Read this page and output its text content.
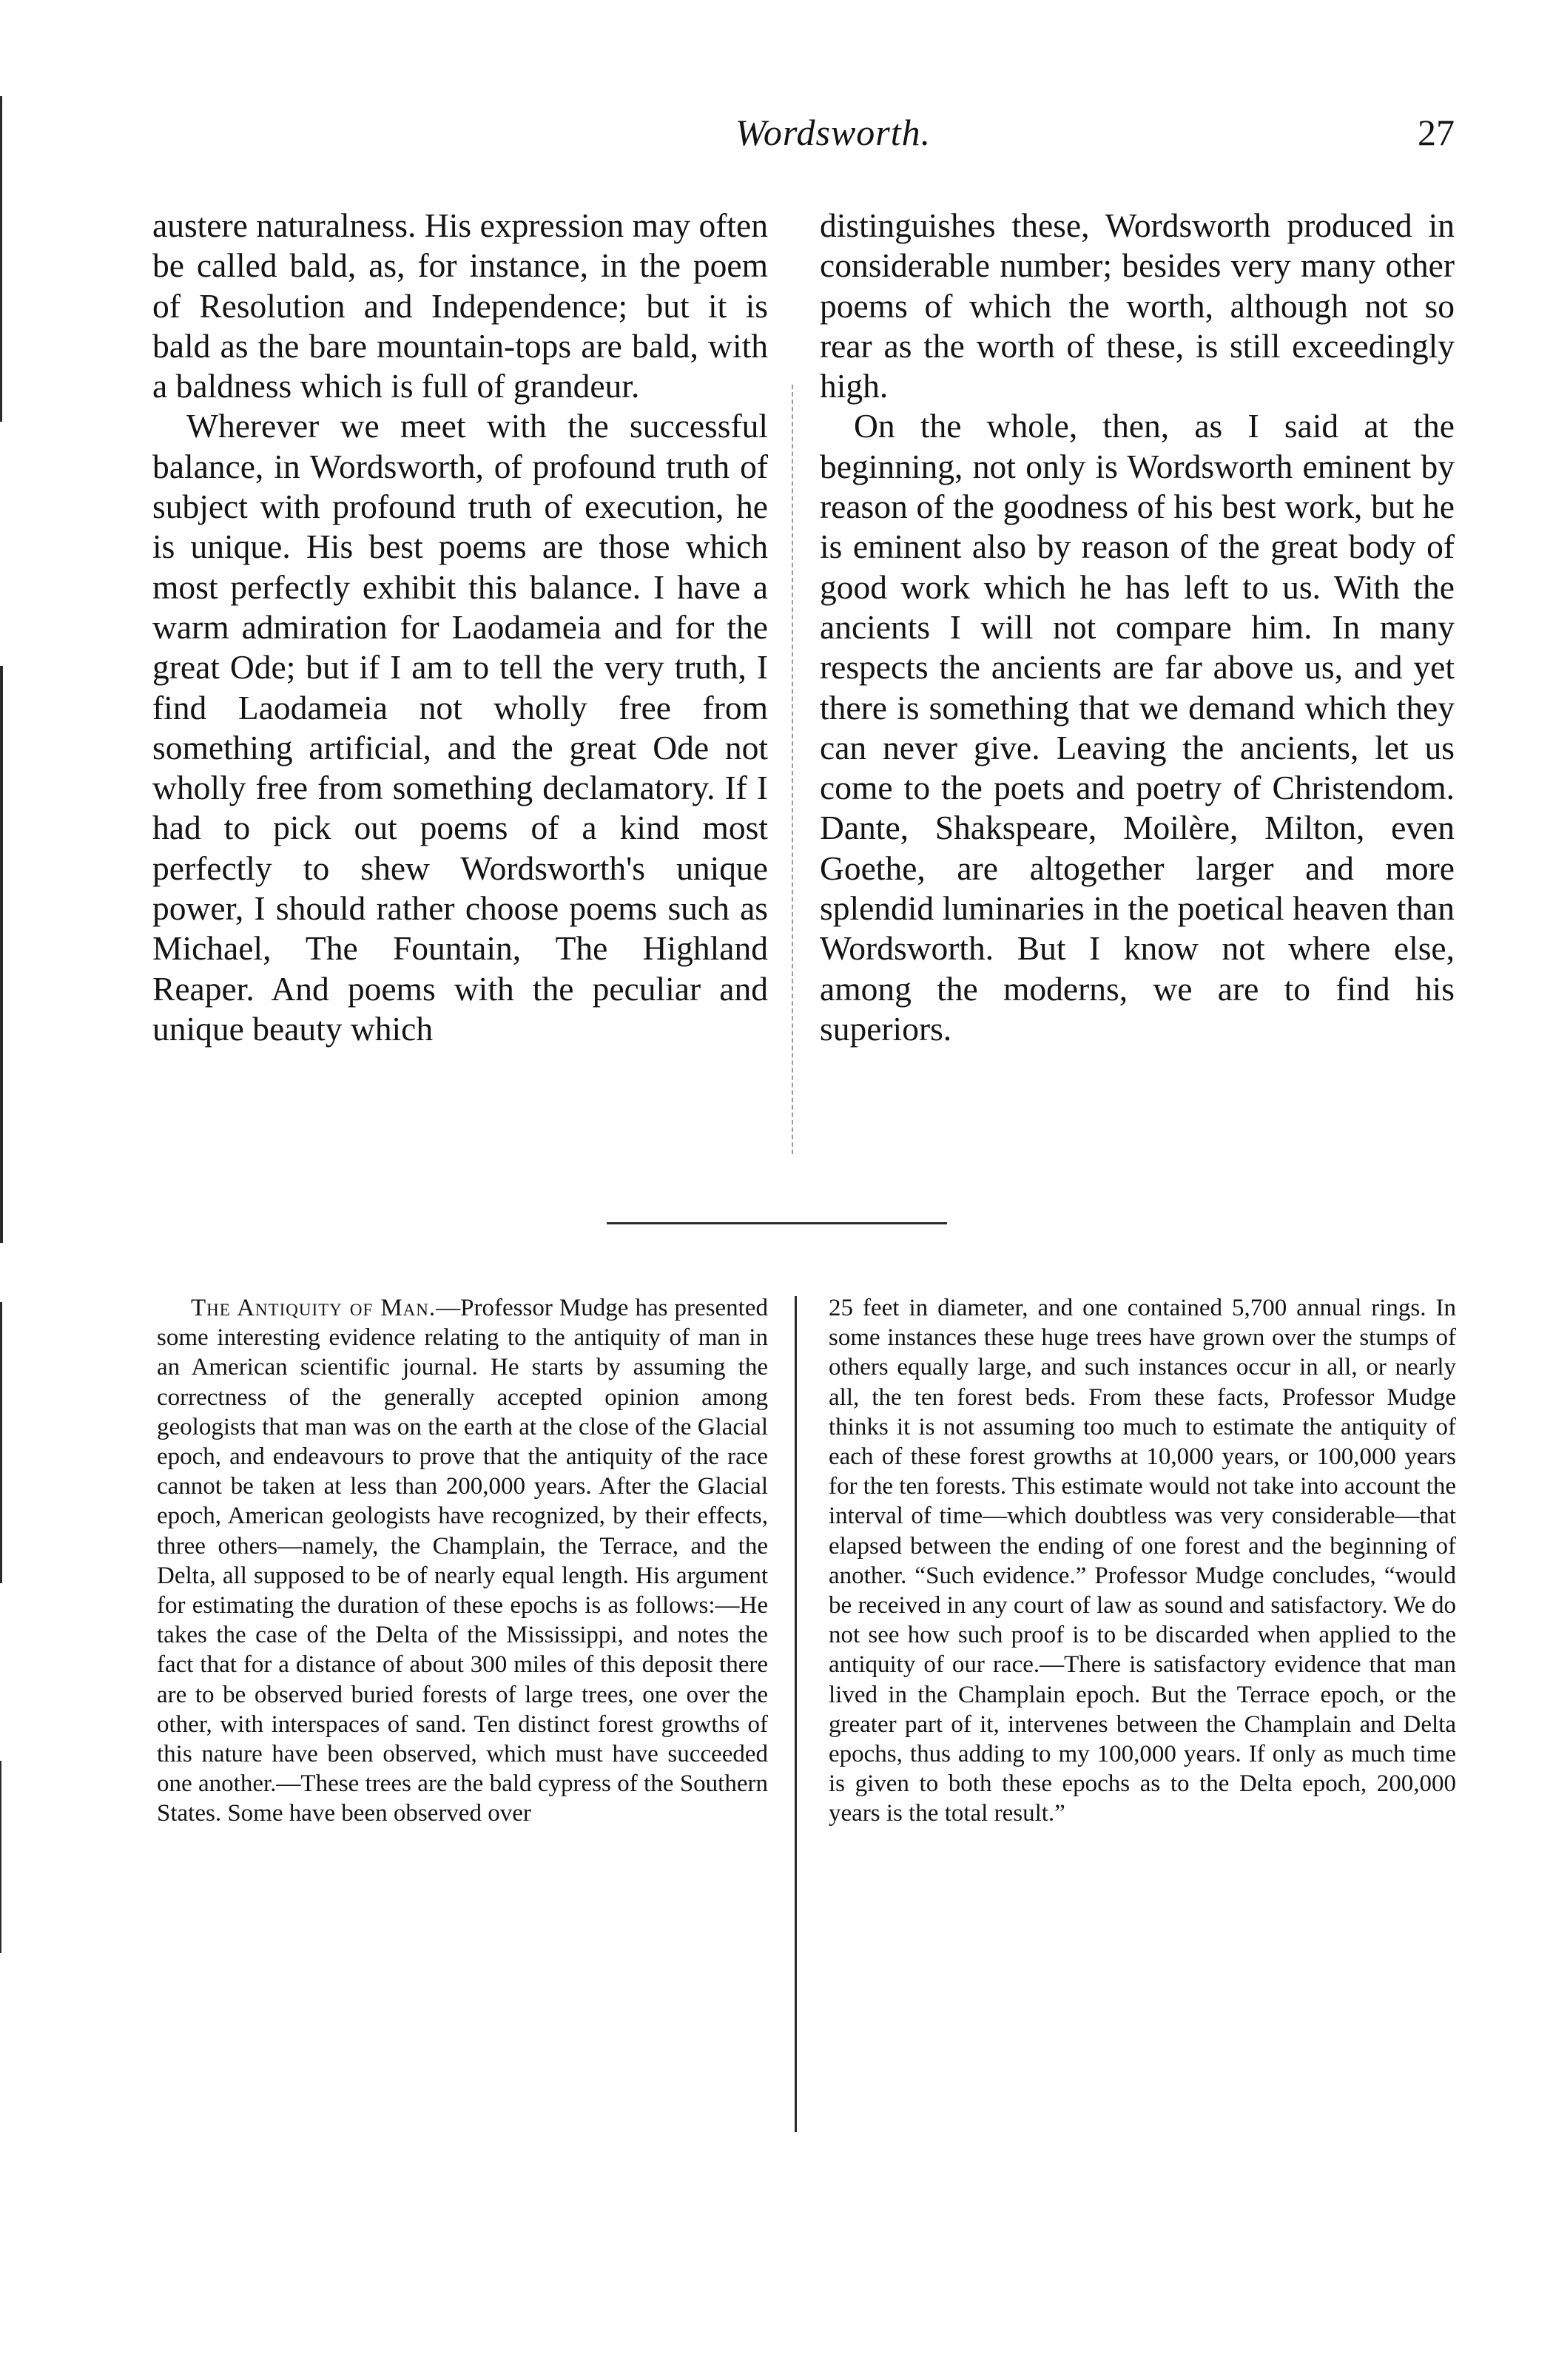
Wordsworth.	27

austere naturalness. His expression may often be called bald, as, for instance, in the poem of Resolution and Independence; but it is bald as the bare mountain-tops are bald, with a baldness which is full of grandeur.

Wherever we meet with the successful balance, in Wordsworth, of profound truth of subject with profound truth of execution, he is unique. His best poems are those which most perfectly exhibit this balance. I have a warm admiration for Laodameia and for the great Ode; but if I am to tell the very truth, I find Laodameia not wholly free from something artificial, and the great Ode not wholly free from something declamatory. If I had to pick out poems of a kind most perfectly to shew Wordsworth's unique power, I should rather choose poems such as Michael, The Fountain, The Highland Reaper. And poems with the peculiar and unique beauty which

distinguishes these, Wordsworth produced in considerable number; besides very many other poems of which the worth, although not so rear as the worth of these, is still exceedingly high.

On the whole, then, as I said at the beginning, not only is Wordsworth eminent by reason of the goodness of his best work, but he is eminent also by reason of the great body of good work which he has left to us. With the ancients I will not compare him. In many respects the ancients are far above us, and yet there is something that we demand which they can never give. Leaving the ancients, let us come to the poets and poetry of Christendom. Dante, Shakspeare, Moilère, Milton, even Goethe, are altogether larger and more splendid luminaries in the poetical heaven than Wordsworth. But I know not where else, among the moderns, we are to find his superiors.

The Antiquity of Man.—Professor Mudge has presented some interesting evidence relating to the antiquity of man in an American scientific journal. He starts by assuming the correctness of the generally accepted opinion among geologists that man was on the earth at the close of the Glacial epoch, and endeavours to prove that the antiquity of the race cannot be taken at less than 200,000 years. After the Glacial epoch, American geologists have recognized, by their effects, three others—namely, the Champlain, the Terrace, and the Delta, all supposed to be of nearly equal length. His argument for estimating the duration of these epochs is as follows:—He takes the case of the Delta of the Mississippi, and notes the fact that for a distance of about 300 miles of this deposit there are to be observed buried forests of large trees, one over the other, with interspaces of sand. Ten distinct forest growths of this nature have been observed, which must have succeeded one another.—These trees are the bald cypress of the Southern States. Some have been observed over

25 feet in diameter, and one contained 5,700 annual rings. In some instances these huge trees have grown over the stumps of others equally large, and such instances occur in all, or nearly all, the ten forest beds. From these facts, Professor Mudge thinks it is not assuming too much to estimate the antiquity of each of these forest growths at 10,000 years, or 100,000 years for the ten forests. This estimate would not take into account the interval of time—which doubtless was very considerable—that elapsed between the ending of one forest and the beginning of another. “Such evidence.” Professor Mudge concludes, “would be received in any court of law as sound and satisfactory. We do not see how such proof is to be discarded when applied to the antiquity of our race.—There is satisfactory evidence that man lived in the Champlain epoch. But the Terrace epoch, or the greater part of it, intervenes between the Champlain and Delta epochs, thus adding to my 100,000 years. If only as much time is given to both these epochs as to the Delta epoch, 200,000 years is the total result.”
